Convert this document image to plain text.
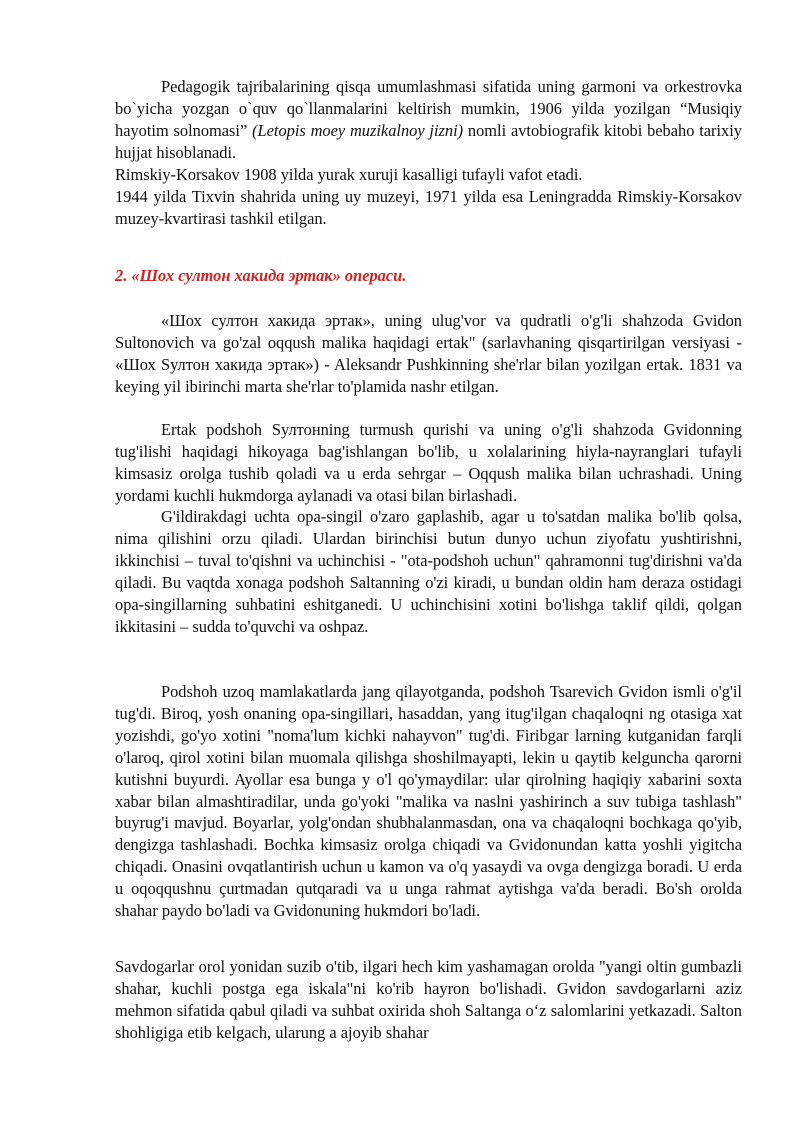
Pedagogik tajribalarining qisqa umumlashmasi sifatida uning garmoni va orkestrovka bo`yicha yozgan o`quv qo`llanmalarini keltirish mumkin, 1906 yilda yozilgan “Musiqiy hayotim solnomasi” (Letopis moey muzikalnoy jizni) nomli avtobiografik kitobi bebaho tarixiy hujjat hisoblanadi.

Rimskiy-Korsakov 1908 yilda yurak xuruji kasalligi tufayli vafot etadi.

1944 yilda Tixvin shahrida uning uy muzeyi, 1971 yilda esa Leningradda Rimskiy-Korsakov muzey-kvartirasi tashkil etilgan.

2. «Шох султон хакида эртак» операси.

«Шох султон хакида эртак», uning ulug'vor va qudratli o'g'li shahzoda Gvidon Sultonovich va go'zal oqqush malika haqidagi ertak" (sarlavhaning qisqartirilgan versiyasi - «Шох Sултон хакида эртак») - Aleksandr Pushkinning she'rlar bilan yozilgan ertak. 1831 va keying yil ibirinchi marta she'rlar to'plamida nashr etilgan.

Ertak podshoh Sултонning turmush qurishi va uning o'g'li shahzoda Gvidonning tug'ilishi haqidagi hikoyaga bag'ishlangan bo'lib, u xolalarining hiyla-nayranglari tufayli kimsasiz orolga tushib qoladi va u erda sehrgar – Oqqush malika bilan uchrashadi. Uning yordami kuchli hukmdorga aylanadi va otasi bilan birlashadi.

G'ildirakdagi uchta opa-singil o'zaro gaplashib, agar u to'satdan malika bo'lib qolsa, nima qilishini orzu qiladi. Ulardan birinchisi butun dunyo uchun ziyofatu yushtirishni, ikkinchisi – tuval to'qishni va uchinchisi - "ota-podshoh uchun" qahramonni tug'dirishni va'da qiladi. Bu vaqtda xonaga podshoh Saltanning o'zi kiradi, u bundan oldin ham deraza ostidagi opa-singillarning suhbatini eshitganedi. U uchinchisini xotini bo'lishga taklif qildi, qolgan ikkitasini – sudda to'quvchi va oshpaz.

Podshoh uzoq mamlakatlarda jang qilayotganda, podshoh Tsarevich Gvidon ismli o'g'il tug'di. Biroq, yosh onaning opa-singillari, hasaddan, yang itug'ilgan chaqaloqni ng otasiga xat yozishdi, go'yo xotini "noma'lum kichki nahayvon" tug'di. Firibgar larning kutganidan farqli o'laroq, qirol xotini bilan muomala qilishga shoshilmayapti, lekin u qaytib kelguncha qarorni kutishni buyurdi. Ayollar esa bunga y o'l qo'ymaydilar: ular qirolning haqiqiy xabarini soxta xabar bilan almashtiradilar, unda go'yoki "malika va naslni yashirinch a suv tubiga tashlash" buyrug'i mavjud. Boyarlar, yolg'ondan shubhalanmasdan, ona va chaqaloqni bochkaga qo'yib, dengizga tashlashadi. Bochka kimsasiz orolga chiqadi va Gvidonundan katta yoshli yigitcha chiqadi. Onasini ovqatlantirish uchun u kamon va o'q yasaydi va ovga dengizga boradi. U erda u oqoqqushnu çurtmadan qutqaradi va u unga rahmat aytishga va'da beradi. Bo'sh orolda shahar paydo bo'ladi va Gvidonuning hukmdori bo'ladi.

Savdogarlar orol yonidan suzib o'tib, ilgari hech kim yashamagan orolda "yangi oltin gumbazli shahar, kuchli postga ega iskala"ni ko'rib hayron bo'lishadi. Gvidon savdogarlarni aziz mehmon sifatida qabul qiladi va suhbat oxirida shoh Saltanga o‘z salomlarini yetkazadi. Salton shohligiga etib kelgach, ularung a ajoyib shahar
